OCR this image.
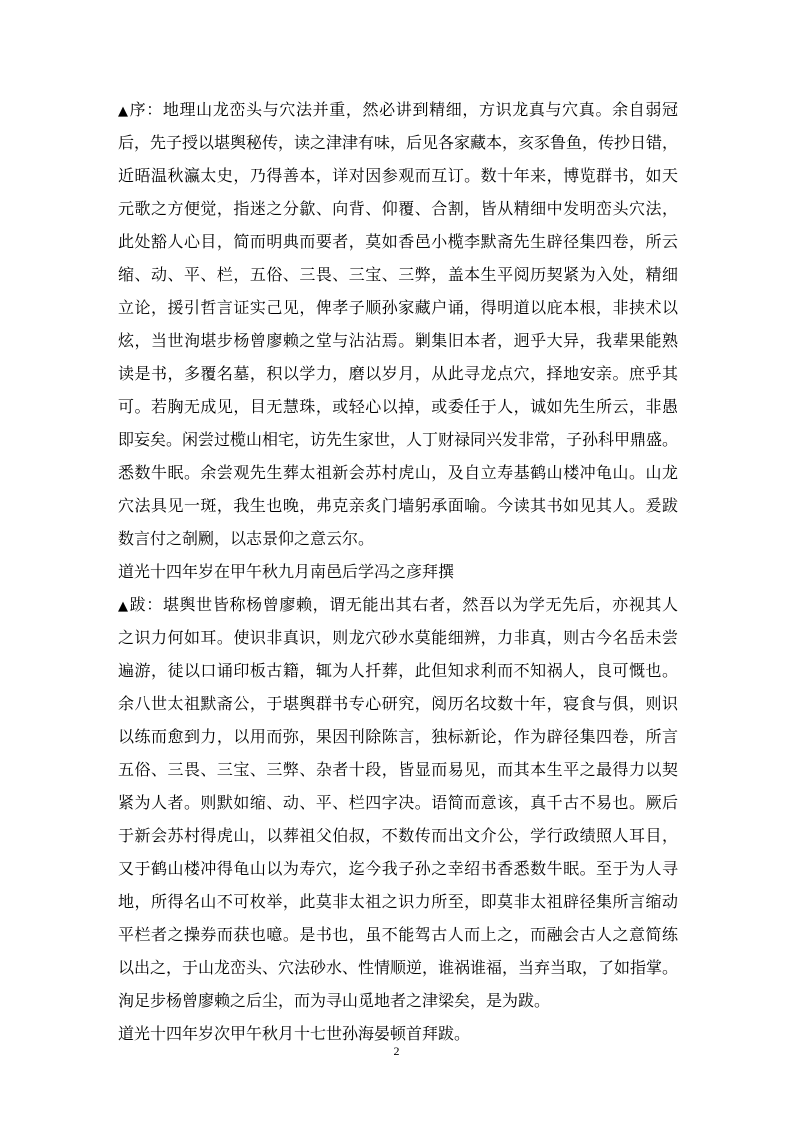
▲序：地理山龙峦头与穴法并重，然必讲到精细，方识龙真与穴真。余自弱冠
后，先子授以堪舆秘传，读之津津有味，后见各家藏本，亥豕鲁鱼，传抄日错，
近晤温秋瀛太史，乃得善本，详对因参观而互订。数十年来，博览群书，如天
元歌之方便觉，指迷之分歙、向背、仰覆、合割，皆从精细中发明峦头穴法，
此处豁人心目，简而明典而要者，莫如香邑小榄李默斋先生辟径集四卷，所云
缩、动、平、栏，五俗、三畏、三宝、三弊，盖本生平阅历契紧为入处，精细
立论，援引哲言证实己见，俾孝子顺孙家藏户诵，得明道以庇本根，非挟术以
炫，当世洵堪步杨曾廖赖之堂与沾沾焉。剿集旧本者，迥乎大异，我辈果能熟
读是书，多覆名墓，积以学力，磨以岁月，从此寻龙点穴，择地安亲。庶乎其
可。若胸无成见，目无慧珠，或轻心以掉，或委任于人，诚如先生所云，非愚
即妄矣。闲尝过榄山相宅，访先生家世，人丁财禄同兴发非常，子孙科甲鼎盛。
悉数牛眠。余尝观先生葬太祖新会苏村虎山，及自立寿基鹤山楼冲龟山。山龙
穴法具见一斑，我生也晚，弗克亲炙门墙躬承面喻。今读其书如见其人。爰跋
数言付之剞劂，以志景仰之意云尔。
道光十四年岁在甲午秋九月南邑后学冯之彦拜撰
▲跋：堪舆世皆称杨曾廖赖，谓无能出其右者，然吾以为学无先后，亦视其人
之识力何如耳。使识非真识，则龙穴砂水莫能细辨，力非真，则古今名岳未尝
遍游，徒以口诵印板古籍，辄为人扦葬，此但知求利而不知祸人，良可慨也。
余八世太祖默斋公，于堪舆群书专心研究，阅历名坟数十年，寝食与俱，则识
以练而愈到力，以用而弥，果因刊除陈言，独标新论，作为辟径集四卷，所言
五俗、三畏、三宝、三弊、杂者十段，皆显而易见，而其本生平之最得力以契
紧为人者。则默如缩、动、平、栏四字决。语简而意该，真千古不易也。厥后
于新会苏村得虎山，以葬祖父伯叔，不数传而出文介公，学行政绩照人耳目，
又于鹤山楼冲得龟山以为寿穴，迄今我子孙之幸绍书香悉数牛眠。至于为人寻
地，所得名山不可枚举，此莫非太祖之识力所至，即莫非太祖辟径集所言缩动
平栏者之操券而获也噫。是书也，虽不能驾古人而上之，而融会古人之意简练
以出之，于山龙峦头、穴法砂水、性情顺逆，谁祸谁福，当弃当取，了如指掌。
洵足步杨曾廖赖之后尘，而为寻山觅地者之津梁矣，是为跋。
道光十四年岁次甲午秋月十七世孙海晏顿首拜跋。
2
